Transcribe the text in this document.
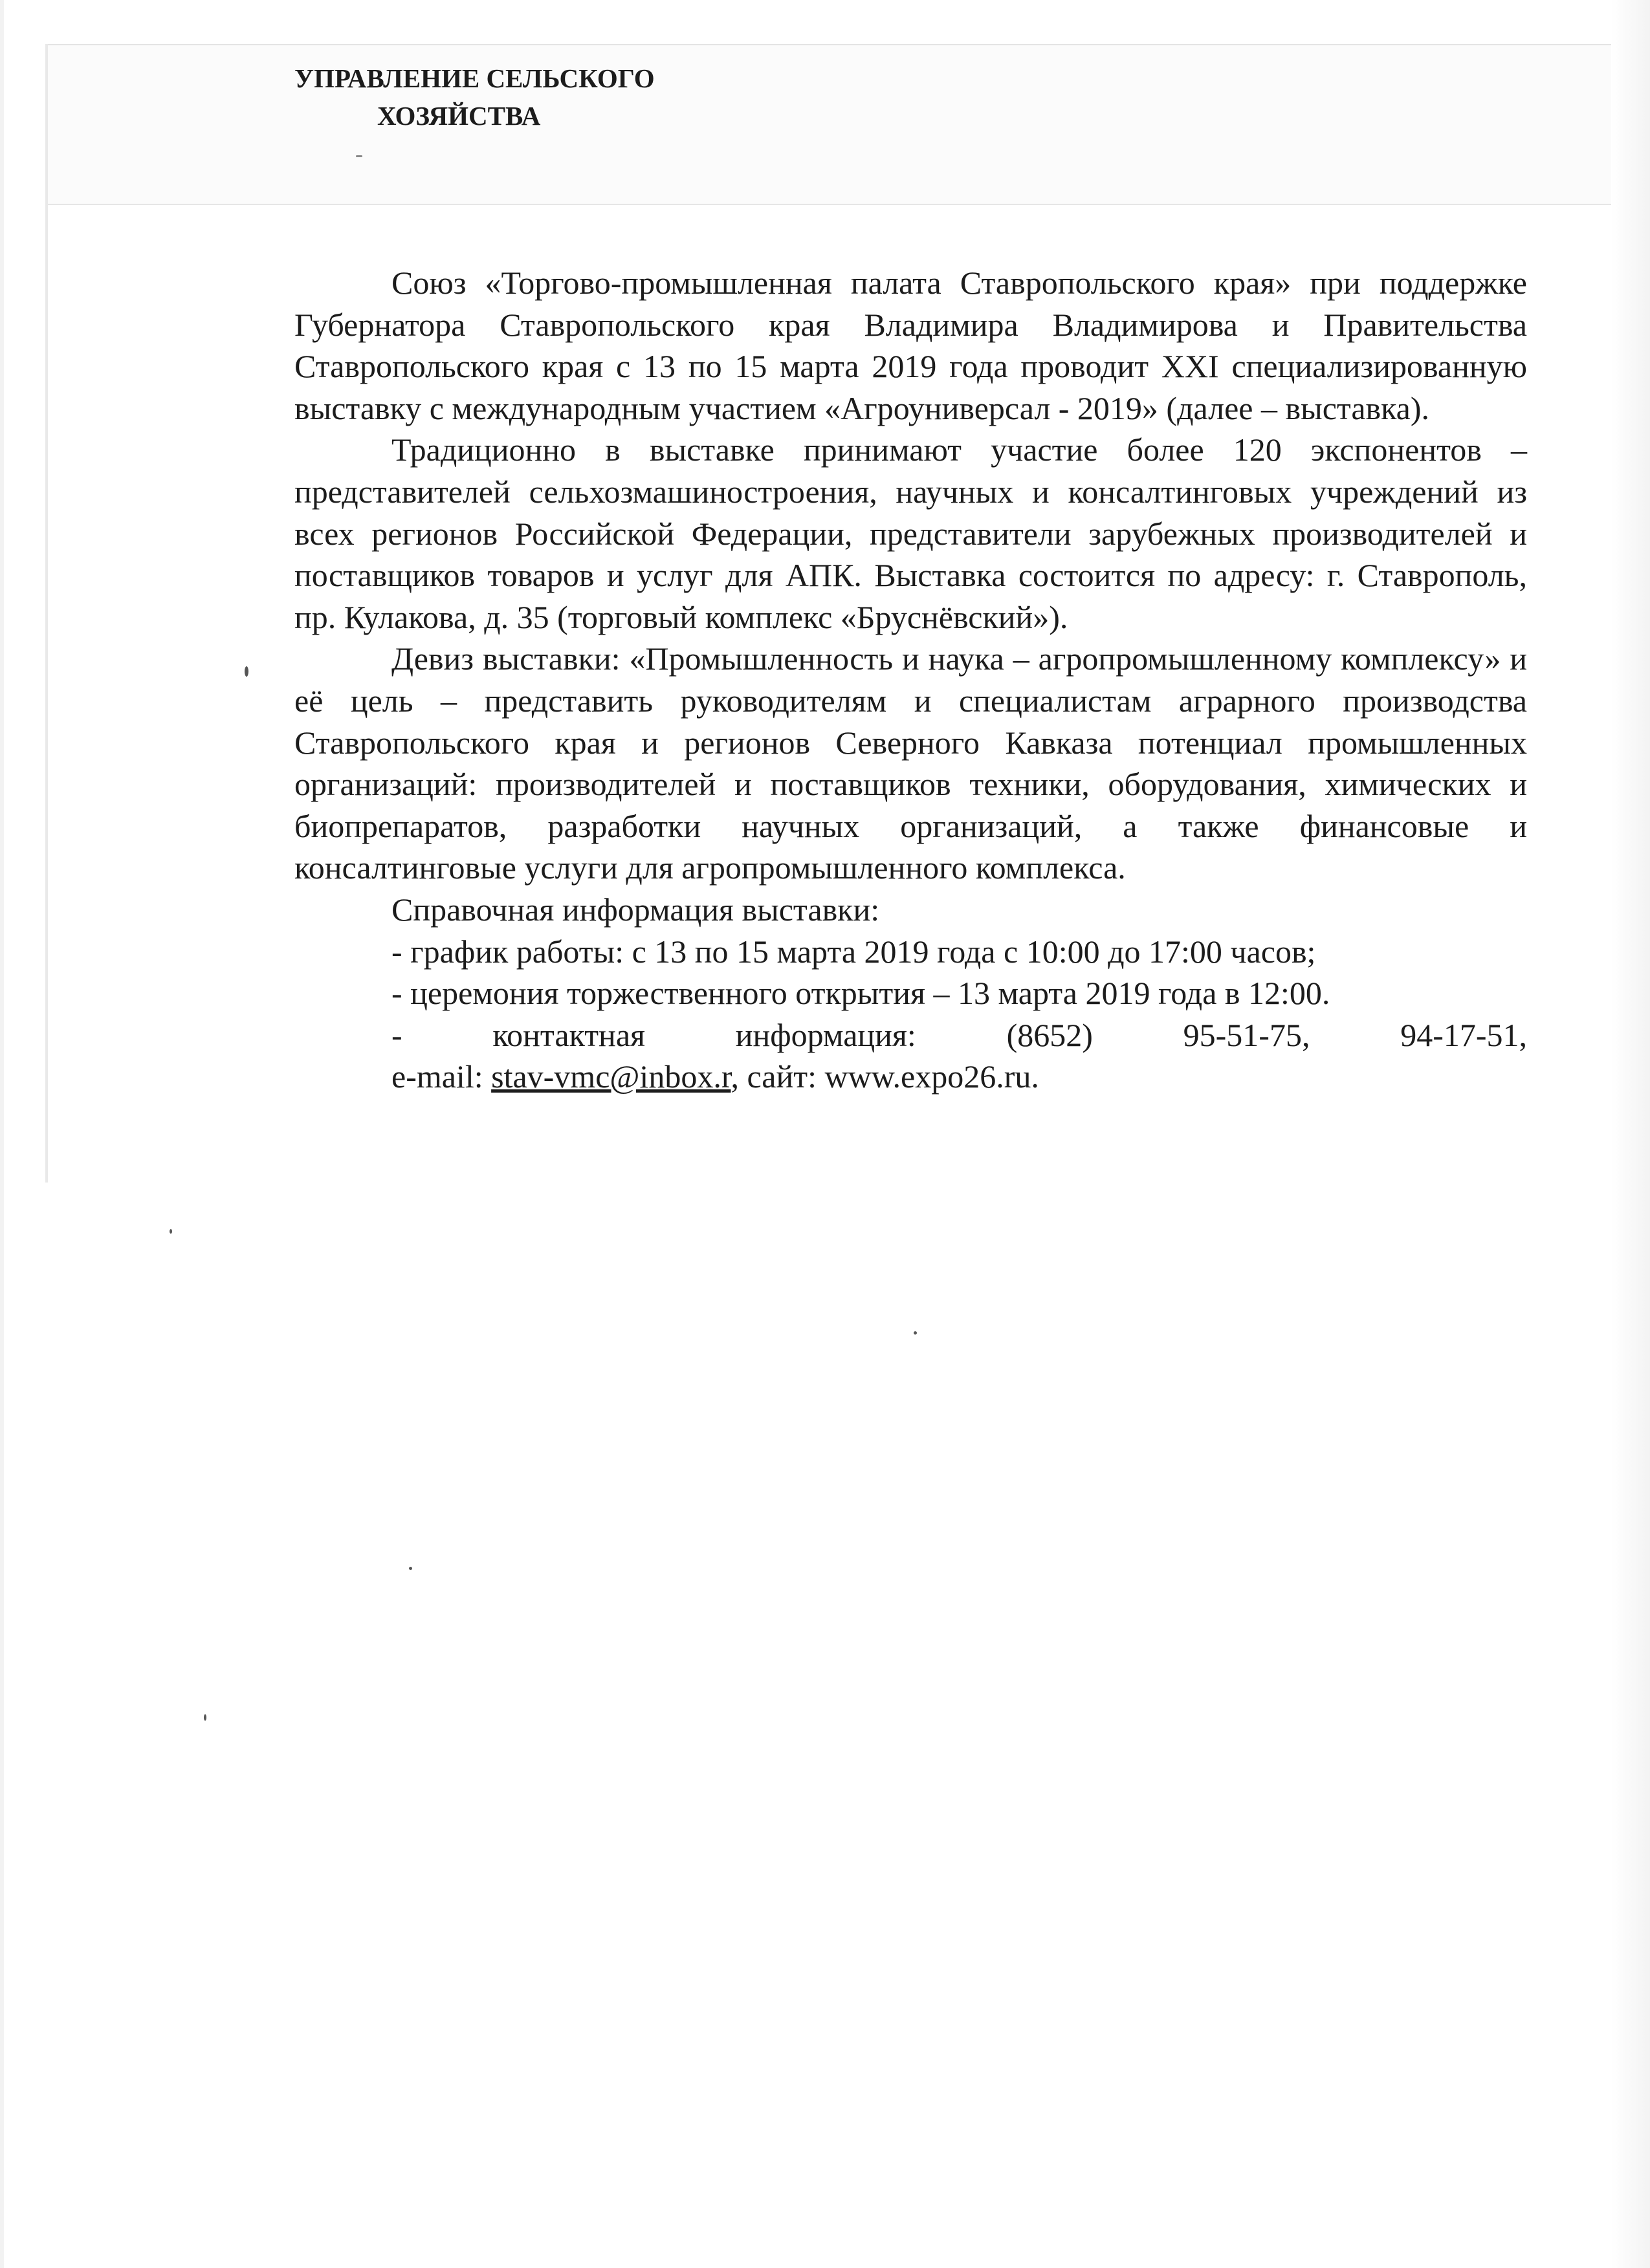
УПРАВЛЕНИЕ СЕЛЬСКОГО
ХОЗЯЙСТВА

Союз «Торгово-промышленная палата Ставропольского края» при поддержке Губернатора Ставропольского края Владимира Владимирова и Правительства Ставропольского края с 13 по 15 марта 2019 года проводит XXI специализированную выставку с международным участием «Агроуниверсал - 2019» (далее – выставка).

Традиционно в выставке принимают участие более 120 экспонентов – представителей сельхозмашиностроения, научных и консалтинговых учреждений из всех регионов Российской Федерации, представители зарубежных производителей и поставщиков товаров и услуг для АПК. Выставка состоится по адресу: г. Ставрополь, пр. Кулакова, д. 35 (торговый комплекс «Бруснёвский»).

Девиз выставки: «Промышленность и наука – агропромышленному комплексу» и её цель – представить руководителям и специалистам аграрного производства Ставропольского края и регионов Северного Кавказа потенциал промышленных организаций: производителей и поставщиков техники, оборудования, химических и биопрепаратов, разработки научных организаций, а также финансовые и консалтинговые услуги для агропромышленного комплекса.

Справочная информация выставки:

- график работы: с 13 по 15 марта 2019 года с 10:00 до 17:00 часов;

- церемония торжественного открытия – 13 марта 2019 года в 12:00.

- контактная информация: (8652) 95-51-75, 94-17-51,

e-mail: stav-vmc@inbox.r, сайт: www.expo26.ru.
